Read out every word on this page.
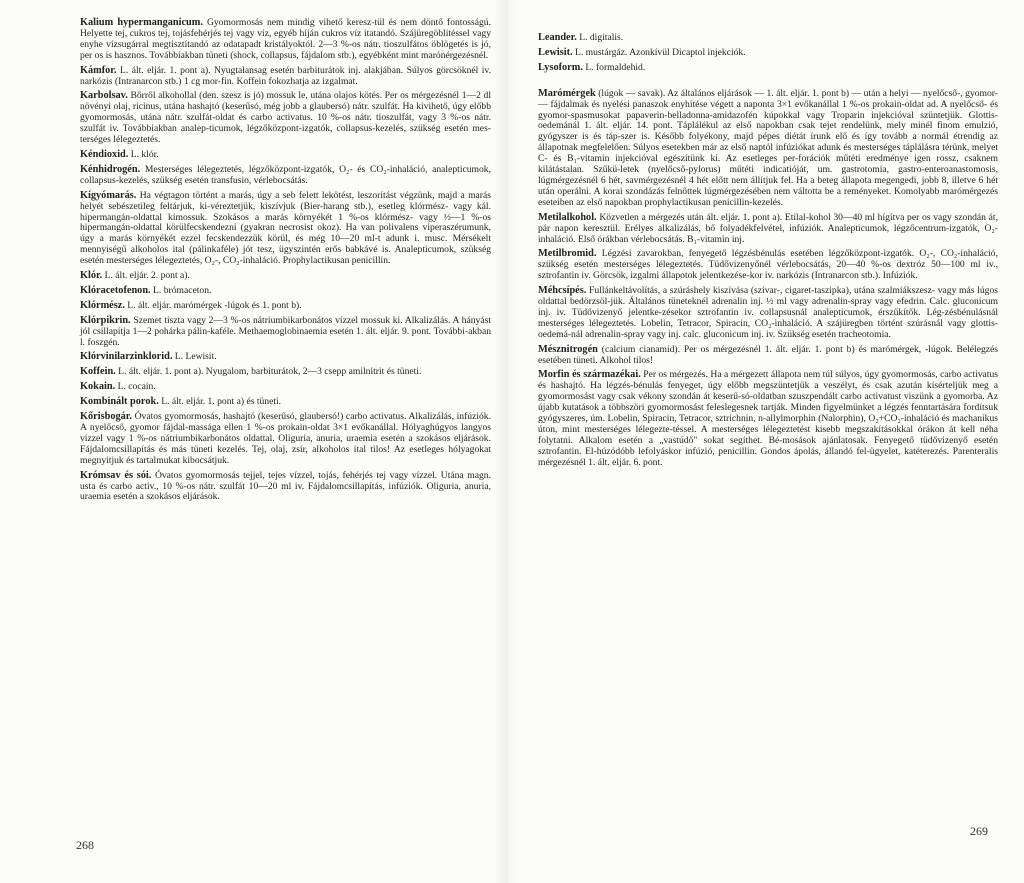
Kalium hypermanganicum. Gyomormosás nem mindig vihető keresz-tül és nem döntő fontosságú. Helyette tej, cukros tej, tojásfehérjés tej vagy víz, egyéb híján cukros víz itatandó. Szájüregöblítéssel vagy enyhe vízsugárral megtisztítandó az odatapadt kristályoktól. 2—3 %-os nátr. tioszulfátos öblögetés is jó, per os is hasznos. Továbbiakban tüneti (shock, collapsus, fájdalom stb.), egyébként mint marónérgezésnél.

Kámfor. L. ált. eljár. 1. pont a). Nyugtalansag esetén barbiturátok inj. alakjában. Súlyos görcsöknél iv. narkózis (Intranarcon stb.) 1 cg mor-fin. Koffein fokozhatja az izgalmat.

Karbolsav. Bőrről alkohollal (den. szesz is jó) mossuk le, utána olajos kötés. Per os mérgezésnél 1—2 dl növényi olaj, ricinus, utána hashajtó (keserűsó, még jobb a glaubersó) nátr. szulfát. Ha kivihető, úgy előbb gyomormosás, utána nátr. szulfát-oldat és carbo activatus. 10 %-os nátr. tioszulfát, vagy 3 %-os nátr. szulfát iv. Továbbiakban analep-ticumok, légzőközpont-izgatók, collapsus-kezelés, szükség esetén mes-terséges lélegeztetés.

Kéndioxid. L. klór.

Kénhidrogén. Mesterséges lélegeztetés, légzőközpont-izgatók, O₂- és CO₂-inhaláció, analepticumok, collapsus-kezelés, szükség esetén transfusio, vérlebocsátás.

Kígyómarás. Ha végtagon történt a marás, úgy a seb felett lekötést, leszorítást végzünk, majd a marás helyét sebészetileg feltárjuk, ki-véreztetjük, kiszívjuk (Bier-harang stb.), esetleg klórmész- vagy kál. hipermangán-oldattal kimossuk. Szokásos a marás környékét 1 %-os klórmész- vagy ½—1 %-os hipermangán-oldattal körülfecskendezni (gyakran necrosist okoz). Ha van polivalens viperaszérumunk, úgy a marás környékét ezzel fecskendezzük körül, és még 10—20 ml-t adunk i. musc. Mérsékelt mennyiségű alkoholos ital (pálinkaféle) jót tesz, ügyszintén erős babkávé is. Analepticumok, szükség esetén mesterséges lélegeztetés, O₂-, CO₂-inhaláció. Prophylactikusan penicillin.

Klór. L. ált. eljár. 2. pont a).

Klóracetofenon. L. brómaceton.

Klórmész. L. ált. eljár. marómérgek -lúgok és 1. pont b).

Klórpikrin. Szemet tiszta vagy 2—3 %-os nátriumbikarbonátos vízzel mossuk ki. Alkalizálás. A hányást jól csillapítja 1—2 pohárka pálin-kaféle. Methaemoglobinaemia esetén 1. ált. eljár. 9. pont. További-akban l. foszgén.

Klórvinilarzinklorid. L. Lewisit.

Koffein. L. ált. eljár. 1. pont a). Nyugalom, barbiturátok, 2—3 csepp amilnitrit és tüneti.

Kokain. L. cocain.

Kombinált porok. L. ált. eljár. 1. pont a) és tüneti.

Kőrisbogár. Óvatos gyomormosás, hashajtó (keserűsó, glaubersó!) carbo activatus. Alkalizálás, infúziók. A nyelőcső, gyomor fájdal-massága ellen 1 %-os prokain-oldat 3×1 evőkanállal. Hólyaghúgyos langyos vízzel vagy 1 %-os nátriumbikarbonátos oldattal. Oliguria, anuria, uraemia esetén a szokásos eljárások. Fájdalomcsillapítás és más tüneti kezelés. Tej, olaj, zsír, alkoholos ital tilos! Az esetleges hólyagokat megnyitjuk és tartalmukat kibocsátjuk.

Krómsav és sói. Óvatos gyomormosás tejjel, tejes vízzel, tojás, fehérjés tej vagy vízzel. Utána magn. usta és carbo activ., 10 %-os nátr. szulfát 10—20 ml iv. Fájdalomcsillapítás, infúziók. Oliguria, anuria, uraemia esetén a szokásos eljárások.

268

Leander. L. digitalis.

Lewisit. L. mustárgáz. Azonkívül Dicaptol injekciók.

Lysoform. L. formaldehid.

Marómérgek (lúgok — savak). Az általános eljárások — 1. ált. eljár. 1. pont b) — után a helyi — nyelőcső-, gyomor- — fájdalmak és nyelési panaszok enyhítése végett a naponta 3×1 evőkanállal 1 %-os prokain-oldat ad. A nyelőcső- és gyomor-spasmusokat papaverin-belladonna-amidazofén kúpokkal vagy Troparin injekcióval szüntetjük. Glottis-oedemánál 1. ált. eljár. 14. pont. Táplálékul az első napokban csak tejet rendelünk, mely minél finom emulzió, gyógyszer is és táp-szer is. Később folyékony, majd pépes diétát írunk elő és így tovább a normál étrendig az állapotnak megfelelően. Súlyos esetekben már az első naptól infúziókat adunk és mesterséges táplálásra térünk, melyet C- és B₁-vitamin injekcióval egészítünk ki. Az esetleges per-forációk műtéti eredménye igen rossz, csaknem kilátástalan. Szűkü-letek (nyelőcső-pylorus) műtéti indicatióját, um. gastrotomia, gastro-enteroanastomosis, lúgmérgezésnél 6 hét, savmérgezésnél 4 hét előtt nem állítjuk fel. Ha a beteg állapota megengedi, jobb 8, illetve 6 hét után operálni. A korai szondázás felnőttek lúgmérgezésében nem váltotta be a reményeket. Komolyabb marómérgezés eseteiben az első napokban prophylactikusan penicillin-kezelés.

Metilalkohol. Közvetlen a mérgezés után ált. eljár. 1. pont a). Etilal-kohol 30—40 ml hígítva per os vagy szondán át, pár napon keresztül. Erélyes alkalizálás, bő folyadékfelvétel, infúziók. Analepticumok, légzőcentrum-izgatók, O₂-inhaláció. Első órákban vérlebocsátás. B₁-vitamin inj.

Metilbromid. Légzési zavarokban, fenyegető légzésbénulás esetében légzőközpont-izgatók. O₂-, CO₂-inhaláció, szükség esetén mesterséges lélegeztetés. Tüdővizenyőnél vérlebocsátás, 20—40 %-os dextróz 50—100 ml iv., sztrofantin iv. Görcsök, izgalmi állapotok jelentkezése-kor iv. narkózis (Intranarcon stb.). Infúziók.

Méhcsípés. Fullánkeltávolítás, a szúráshely kiszívása (szivar-, cigaret-taszipka), utána szalmiákszesz- vagy más lúgos oldattal bedörzsöl-jük. Általános tüneteknél adrenalin inj. ½ ml vagy adrenalin-spray vagy efedrin. Calc. gluconicum inj. iv. Tüdővizenyő jelentke-zésekor sztrofantin iv. collapsusnál analepticumok, érszűkítők. Lég-zésbénulásnál mesterséges lélegeztetés. Lobelin, Tetracor, Spiracin, CO₂-inhaláció. A szájüregben történt szúrásnál vagy glottis-oedemá-nál adrenalin-spray vagy inj. calc. gluconicum inj. iv. Szükség esetén tracheotomia.

Mésznitrogén (calcium cianamid). Per os mérgezésnél 1. ált. eljár. 1. pont b) és marómérgek, -lúgok. Belélegzés esetében tüneti. Alkohol tilos!

Morfin és származékai. Per os mérgezés. Ha a mérgezett állapota nem túl súlyos, úgy gyomormosás, carbo activatus és hashajtó. Ha légzés-bénulás fenyeget, úgy előbb megszüntetjük a veszélyt, és csak azután kísérteljük meg a gyomormosást vagy csak vékony szondán át keserű-só-oldatban szuszpendált carbo activatust viszünk a gyomorba. Az újabb kutatások a többszöri gyomormosást feleslegesnek tartják. Minden figyelmünket a légzés fenntartására fordítsuk gyógyszeres, úm. Lobelin, Spiracin, Tetracor, sztrichnin, n-allylmorphin (Nalorphin), O₂+CO₂-inhaláció és machanikus úton, mint mesterséges lélegezte-téssel. A mesterséges lélegeztetést kisebb megszakításokkal órákon át kell néha folytatni. Alkalom esetén a „vastúdő" sokat segíthet. Bé-mosások ajánlatosak. Fenyegető tüdővizenyő esetén sztrofantin. El-húzódóbb lefolyáskor infúzió, penicillin. Gondos ápolás, állandó fel-ügyelet, katéterezés. Parenteralis mérgezésnél 1. ált. eljár. 6. pont.

269
